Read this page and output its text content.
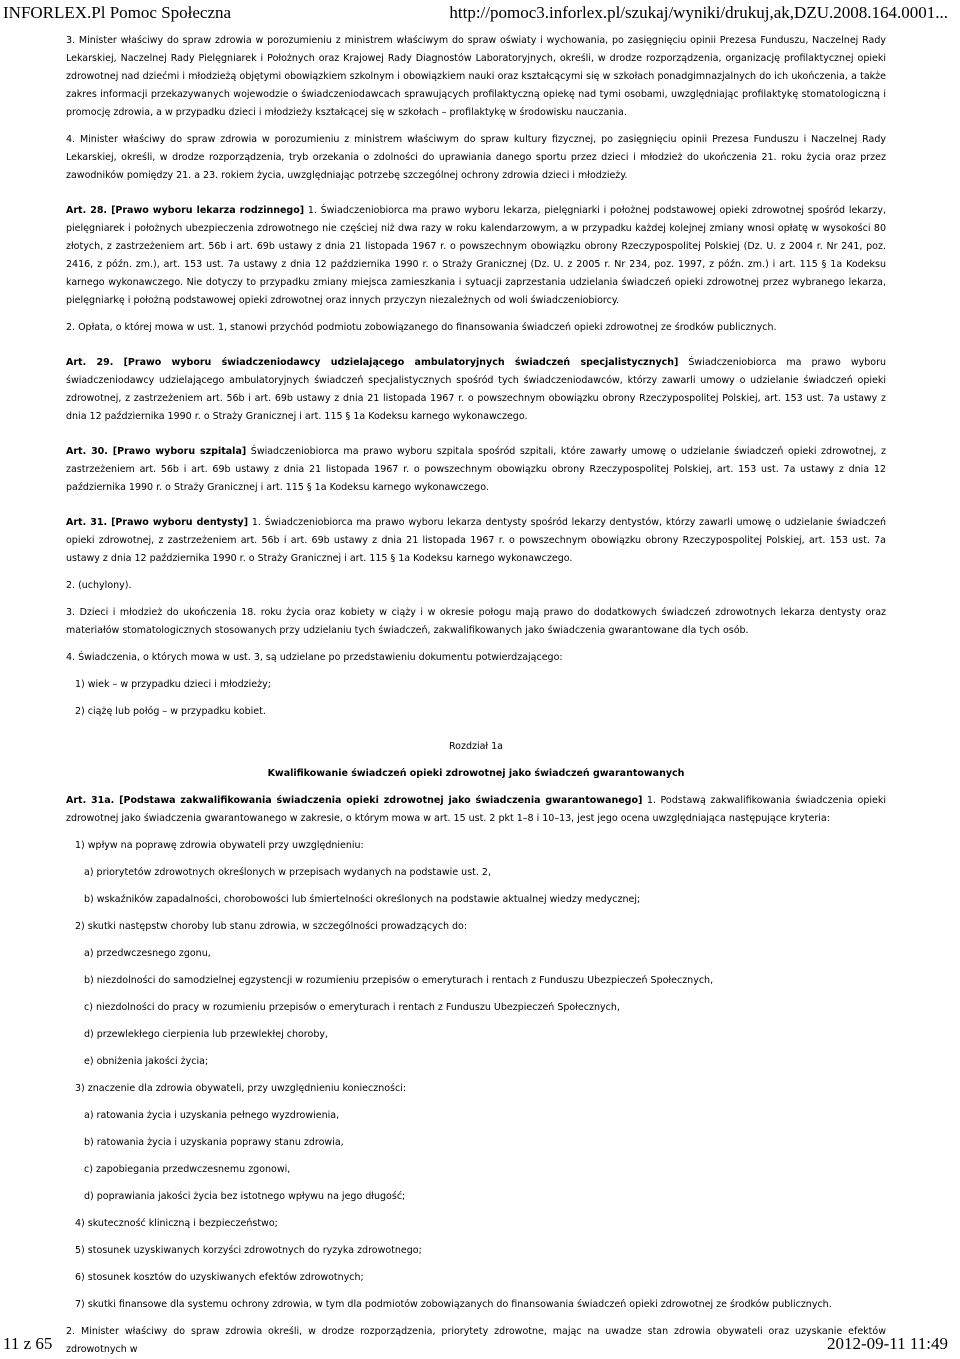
INFORLEX.Pl Pomoc Społeczna	http://pomoc3.inforlex.pl/szukaj/wyniki/drukuj,ak,DZU.2008.164.0001...

3. Minister właściwy do spraw zdrowia w porozumieniu z ministrem właściwym do spraw oświaty i wychowania, po zasięgnięciu opinii Prezesa Funduszu, Naczelnej Rady Lekarskiej, Naczelnej Rady Pielęgniarek i Położnych oraz Krajowej Rady Diagnostów Laboratoryjnych, określi, w drodze rozporządzenia, organizację profilaktycznej opieki zdrowotnej nad dziećmi i młodzieżą objętymi obowiązkiem szkolnym i obowiązkiem nauki oraz kształcącymi się w szkołach ponadgimnazjalnych do ich ukończenia, a także zakres informacji przekazywanych wojewodzie o świadczeniodawcach sprawujących profilaktyczną opiekę nad tymi osobami, uwzględniając profilaktykę stomatologiczną i promocję zdrowia, a w przypadku dzieci i młodzieży kształcącej się w szkołach – profilaktykę w środowisku nauczania.

4. Minister właściwy do spraw zdrowia w porozumieniu z ministrem właściwym do spraw kultury fizycznej, po zasięgnięciu opinii Prezesa Funduszu i Naczelnej Rady Lekarskiej, określi, w drodze rozporządzenia, tryb orzekania o zdolności do uprawiania danego sportu przez dzieci i młodzież do ukończenia 21. roku życia oraz przez zawodników pomiędzy 21. a 23. rokiem życia, uwzględniając potrzebę szczególnej ochrony zdrowia dzieci i młodzieży.

Art. 28. [Prawo wyboru lekarza rodzinnego] 1. Świadczeniobiorca ma prawo wyboru lekarza, pielęgniarki i położnej podstawowej opieki zdrowotnej spośród lekarzy, pielęgniarek i położnych ubezpieczenia zdrowotnego nie częściej niż dwa razy w roku kalendarzowym, a w przypadku każdej kolejnej zmiany wnosi opłatę w wysokości 80 złotych, z zastrzeżeniem art. 56b i art. 69b ustawy z dnia 21 listopada 1967 r. o powszechnym obowiązku obrony Rzeczypospolitej Polskiej (Dz. U. z 2004 r. Nr 241, poz. 2416, z późn. zm.), art. 153 ust. 7a ustawy z dnia 12 października 1990 r. o Straży Granicznej (Dz. U. z 2005 r. Nr 234, poz. 1997, z późn. zm.) i art. 115 § 1a Kodeksu karnego wykonawczego. Nie dotyczy to przypadku zmiany miejsca zamieszkania i sytuacji zaprzestania udzielania świadczeń opieki zdrowotnej przez wybranego lekarza, pielęgniarkę i położną podstawowej opieki zdrowotnej oraz innych przyczyn niezależnych od woli świadczeniobiorcy.

2. Opłata, o której mowa w ust. 1, stanowi przychód podmiotu zobowiązanego do finansowania świadczeń opieki zdrowotnej ze środków publicznych.

Art. 29. [Prawo wyboru świadczeniodawcy udzielającego ambulatoryjnych świadczeń specjalistycznych] Świadczeniobiorca ma prawo wyboru świadczeniodawcy udzielającego ambulatoryjnych świadczeń specjalistycznych spośród tych świadczeniodawców, którzy zawarli umowy o udzielanie świadczeń opieki zdrowotnej, z zastrzeżeniem art. 56b i art. 69b ustawy z dnia 21 listopada 1967 r. o powszechnym obowiązku obrony Rzeczypospolitej Polskiej, art. 153 ust. 7a ustawy z dnia 12 października 1990 r. o Straży Granicznej i art. 115 § 1a Kodeksu karnego wykonawczego.

Art. 30. [Prawo wyboru szpitala] Świadczeniobiorca ma prawo wyboru szpitala spośród szpitali, które zawarły umowę o udzielanie świadczeń opieki zdrowotnej, z zastrzeżeniem art. 56b i art. 69b ustawy z dnia 21 listopada 1967 r. o powszechnym obowiązku obrony Rzeczypospolitej Polskiej, art. 153 ust. 7a ustawy z dnia 12 października 1990 r. o Straży Granicznej i art. 115 § 1a Kodeksu karnego wykonawczego.

Art. 31. [Prawo wyboru dentysty] 1. Świadczeniobiorca ma prawo wyboru lekarza dentysty spośród lekarzy dentystów, którzy zawarli umowę o udzielanie świadczeń opieki zdrowotnej, z zastrzeżeniem art. 56b i art. 69b ustawy z dnia 21 listopada 1967 r. o powszechnym obowiązku obrony Rzeczypospolitej Polskiej, art. 153 ust. 7a ustawy z dnia 12 października 1990 r. o Straży Granicznej i art. 115 § 1a Kodeksu karnego wykonawczego.

2. (uchylony).

3. Dzieci i młodzież do ukończenia 18. roku życia oraz kobiety w ciąży i w okresie połogu mają prawo do dodatkowych świadczeń zdrowotnych lekarza dentysty oraz materiałów stomatologicznych stosowanych przy udzielaniu tych świadczeń, zakwalifikowanych jako świadczenia gwarantowane dla tych osób.

4. Świadczenia, o których mowa w ust. 3, są udzielane po przedstawieniu dokumentu potwierdzającego:

1) wiek – w przypadku dzieci i młodzieży;

2) ciążę lub połóg – w przypadku kobiet.

Rozdział 1a

Kwalifikowanie świadczeń opieki zdrowotnej jako świadczeń gwarantowanych

Art. 31a. [Podstawa zakwalifikowania świadczenia opieki zdrowotnej jako świadczenia gwarantowanego] 1. Podstawą zakwalifikowania świadczenia opieki zdrowotnej jako świadczenia gwarantowanego w zakresie, o którym mowa w art. 15 ust. 2 pkt 1–8 i 10–13, jest jego ocena uwzględniająca następujące kryteria:

1) wpływ na poprawę zdrowia obywateli przy uwzględnieniu:

a) priorytetów zdrowotnych określonych w przepisach wydanych na podstawie ust. 2,

b) wskaźników zapadalności, chorobowości lub śmiertelności określonych na podstawie aktualnej wiedzy medycznej;

2) skutki następstw choroby lub stanu zdrowia, w szczególności prowadzących do:

a) przedwczesnego zgonu,

b) niezdolności do samodzielnej egzystencji w rozumieniu przepisów o emeryturach i rentach z Funduszu Ubezpieczeń Społecznych,

c) niezdolności do pracy w rozumieniu przepisów o emeryturach i rentach z Funduszu Ubezpieczeń Społecznych,

d) przewlekłego cierpienia lub przewlekłej choroby,

e) obniżenia jakości życia;

3) znaczenie dla zdrowia obywateli, przy uwzględnieniu konieczności:

a) ratowania życia i uzyskania pełnego wyzdrowienia,

b) ratowania życia i uzyskania poprawy stanu zdrowia,

c) zapobiegania przedwczesnemu zgonowi,

d) poprawiania jakości życia bez istotnego wpływu na jego długość;

4) skuteczność kliniczną i bezpieczeństwo;

5) stosunek uzyskiwanych korzyści zdrowotnych do ryzyka zdrowotnego;

6) stosunek kosztów do uzyskiwanych efektów zdrowotnych;

7) skutki finansowe dla systemu ochrony zdrowia, w tym dla podmiotów zobowiązanych do finansowania świadczeń opieki zdrowotnej ze środków publicznych.

2. Minister właściwy do spraw zdrowia określi, w drodze rozporządzenia, priorytety zdrowotne, mając na uwadze stan zdrowia obywateli oraz uzyskanie efektów zdrowotnych w

11 z 65	2012-09-11 11:49
